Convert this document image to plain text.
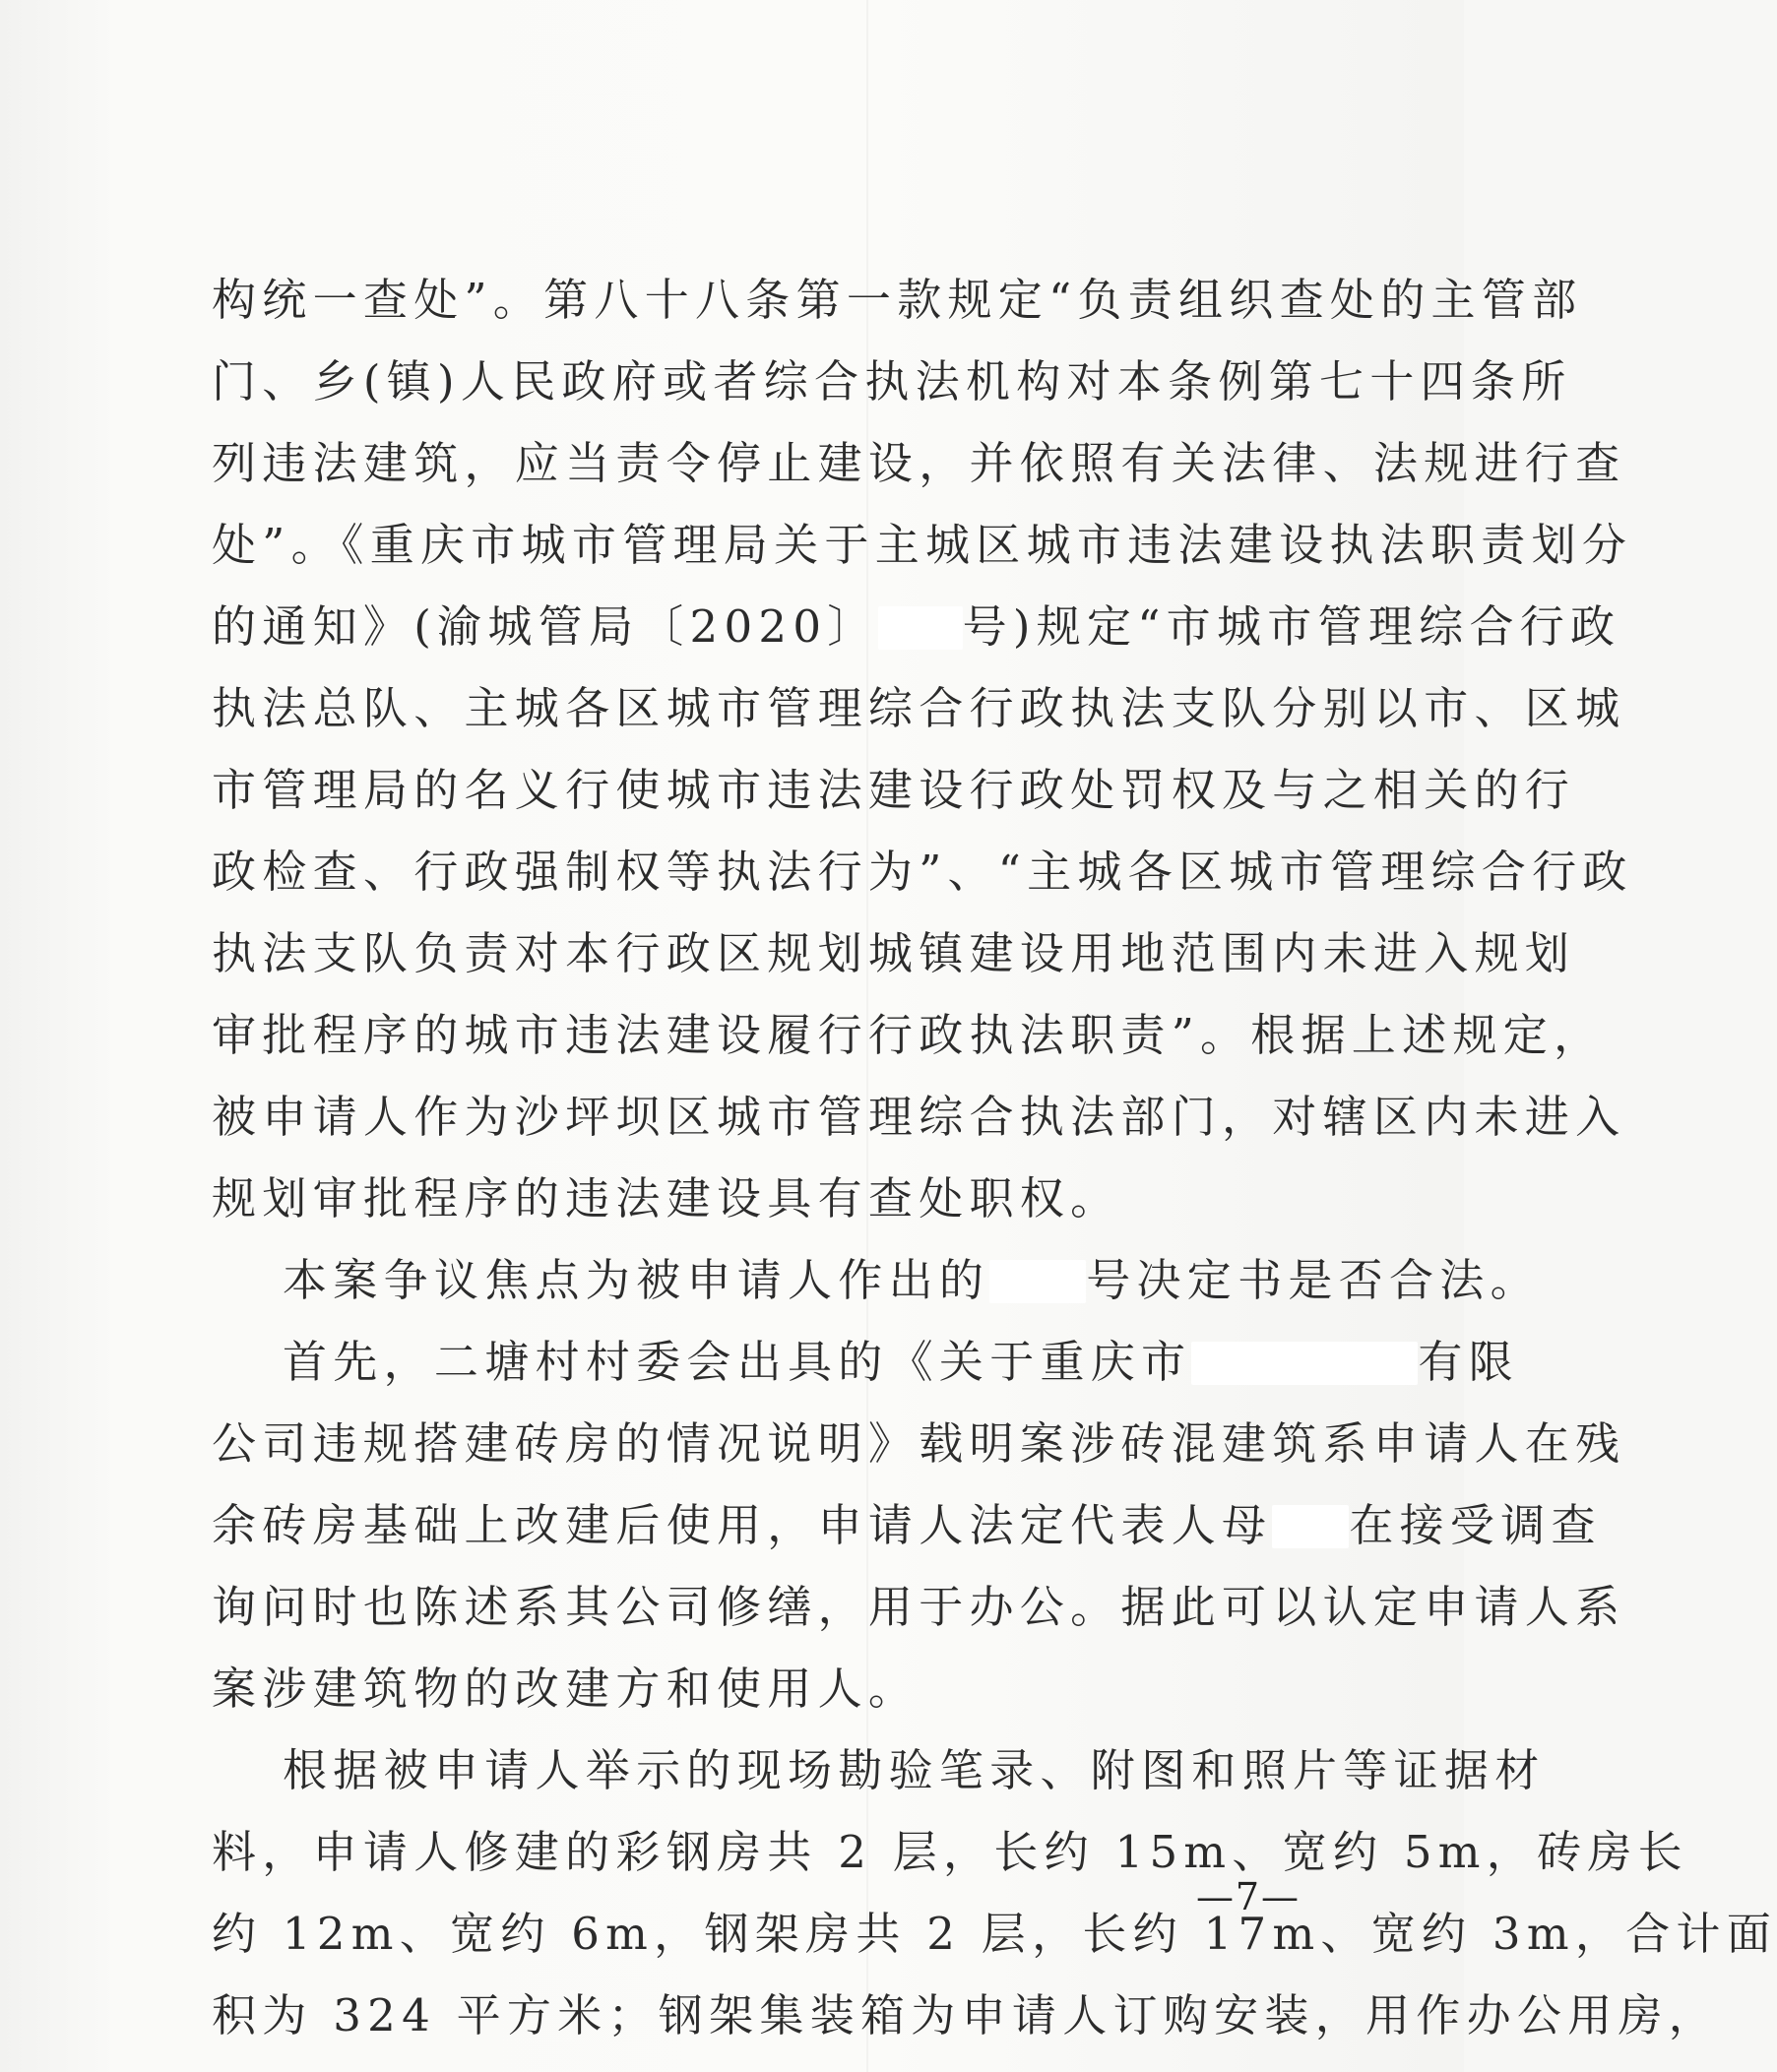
构统一查处”。第八十八条第一款规定“负责组织查处的主管部
门、乡(镇)人民政府或者综合执法机构对本条例第七十四条所
列违法建筑，应当责令停止建设，并依照有关法律、法规进行查
处”。《重庆市城市管理局关于主城区城市违法建设执法职责划分
的通知》(渝城管局〔2020〕 号)规定“市城市管理综合行政
执法总队、主城各区城市管理综合行政执法支队分别以市、区城
市管理局的名义行使城市违法建设行政处罚权及与之相关的行
政检查、行政强制权等执法行为”、“主城各区城市管理综合行政
执法支队负责对本行政区规划城镇建设用地范围内未进入规划
审批程序的城市违法建设履行行政执法职责”。根据上述规定，
被申请人作为沙坪坝区城市管理综合执法部门，对辖区内未进入
规划审批程序的违法建设具有查处职权。
本案争议焦点为被申请人作出的 号决定书是否合法。
首先，二塘村村委会出具的《关于重庆市	有限
公司违规搭建砖房的情况说明》载明案涉砖混建筑系申请人在残
余砖房基础上改建后使用，申请人法定代表人母 在接受调查
询问时也陈述系其公司修缮，用于办公。据此可以认定申请人系
案涉建筑物的改建方和使用人。
根据被申请人举示的现场勘验笔录、附图和照片等证据材
料，申请人修建的彩钢房共 2 层，长约 15m、宽约 5m，砖房长
约 12m、宽约 6m，钢架房共 2 层，长约 17m、宽约 3m，合计面
积为 324 平方米；钢架集装箱为申请人订购安装，用作办公用房，
—7—
